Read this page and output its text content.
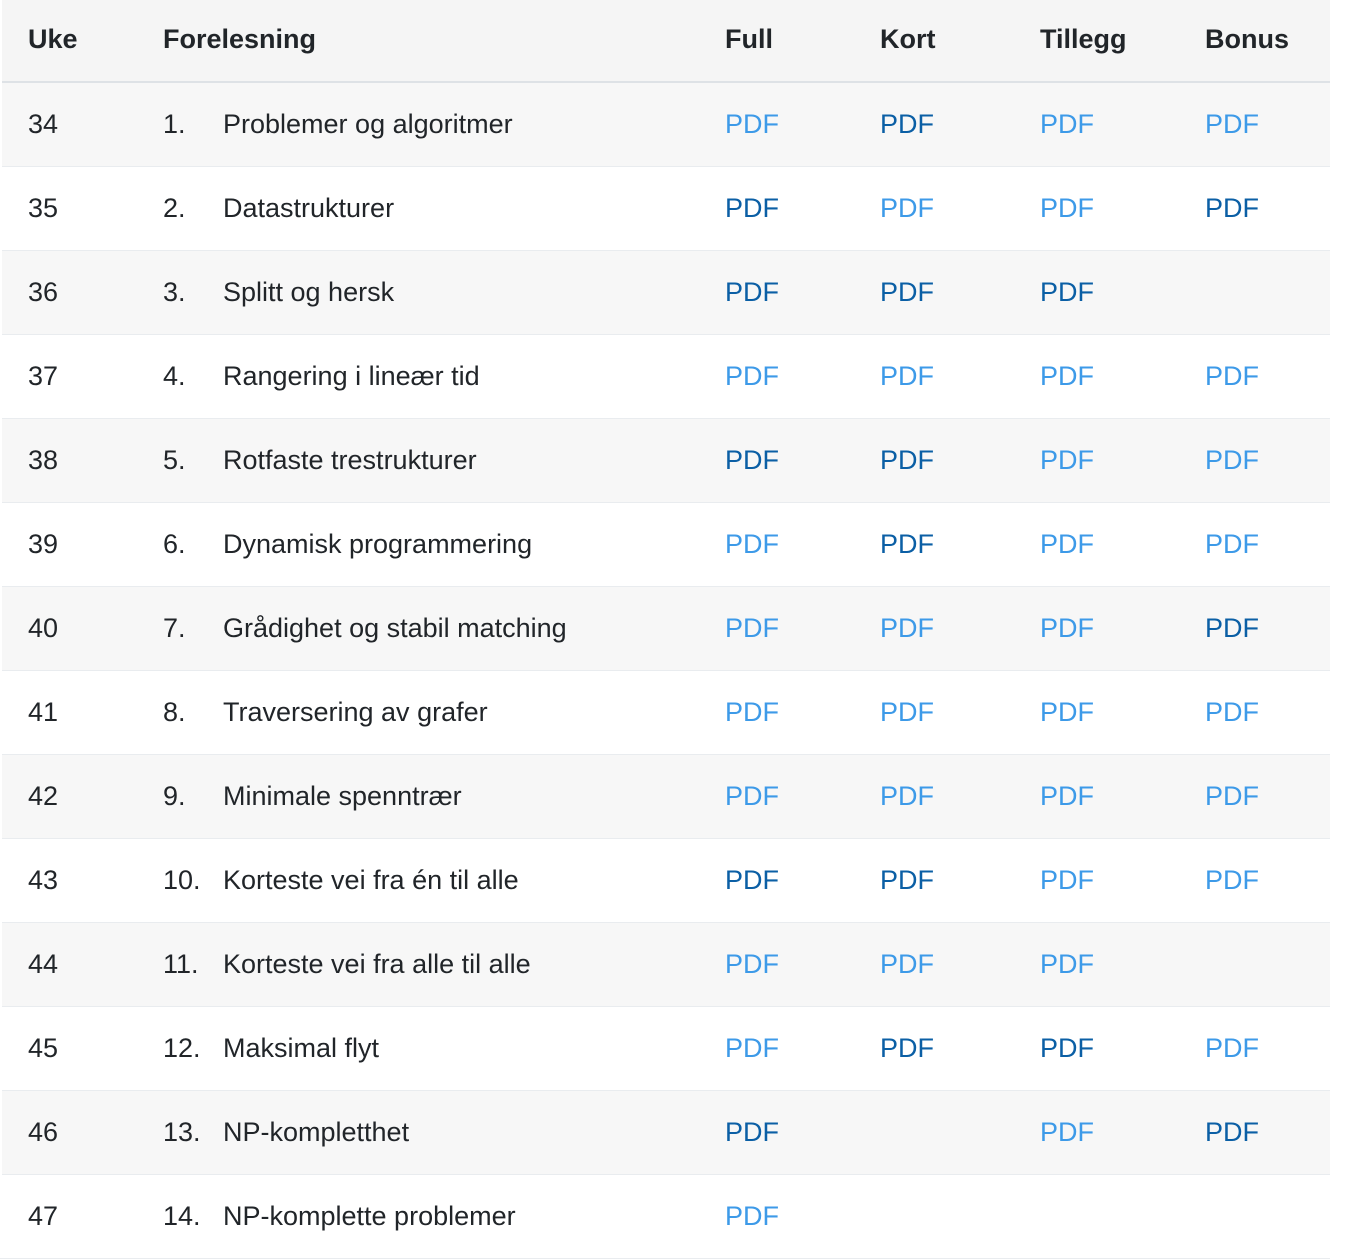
Uke	Forelesning	Full	Kort	Tillegg	Bonus
34	1. Problemer og algoritmer	PDF	PDF	PDF	PDF
35	2. Datastrukturer	PDF	PDF	PDF	PDF
36	3. Splitt og hersk	PDF	PDF	PDF	
37	4. Rangering i lineær tid	PDF	PDF	PDF	PDF
38	5. Rotfaste trestrukturer	PDF	PDF	PDF	PDF
39	6. Dynamisk programmering	PDF	PDF	PDF	PDF
40	7. Grådighet og stabil matching	PDF	PDF	PDF	PDF
41	8. Traversering av grafer	PDF	PDF	PDF	PDF
42	9. Minimale spenntrær	PDF	PDF	PDF	PDF
43	10. Korteste vei fra én til alle	PDF	PDF	PDF	PDF
44	11. Korteste vei fra alle til alle	PDF	PDF	PDF	
45	12. Maksimal flyt	PDF	PDF	PDF	PDF
46	13. NP-kompletthet	PDF		PDF	PDF
47	14. NP-komplette problemer	PDF			
